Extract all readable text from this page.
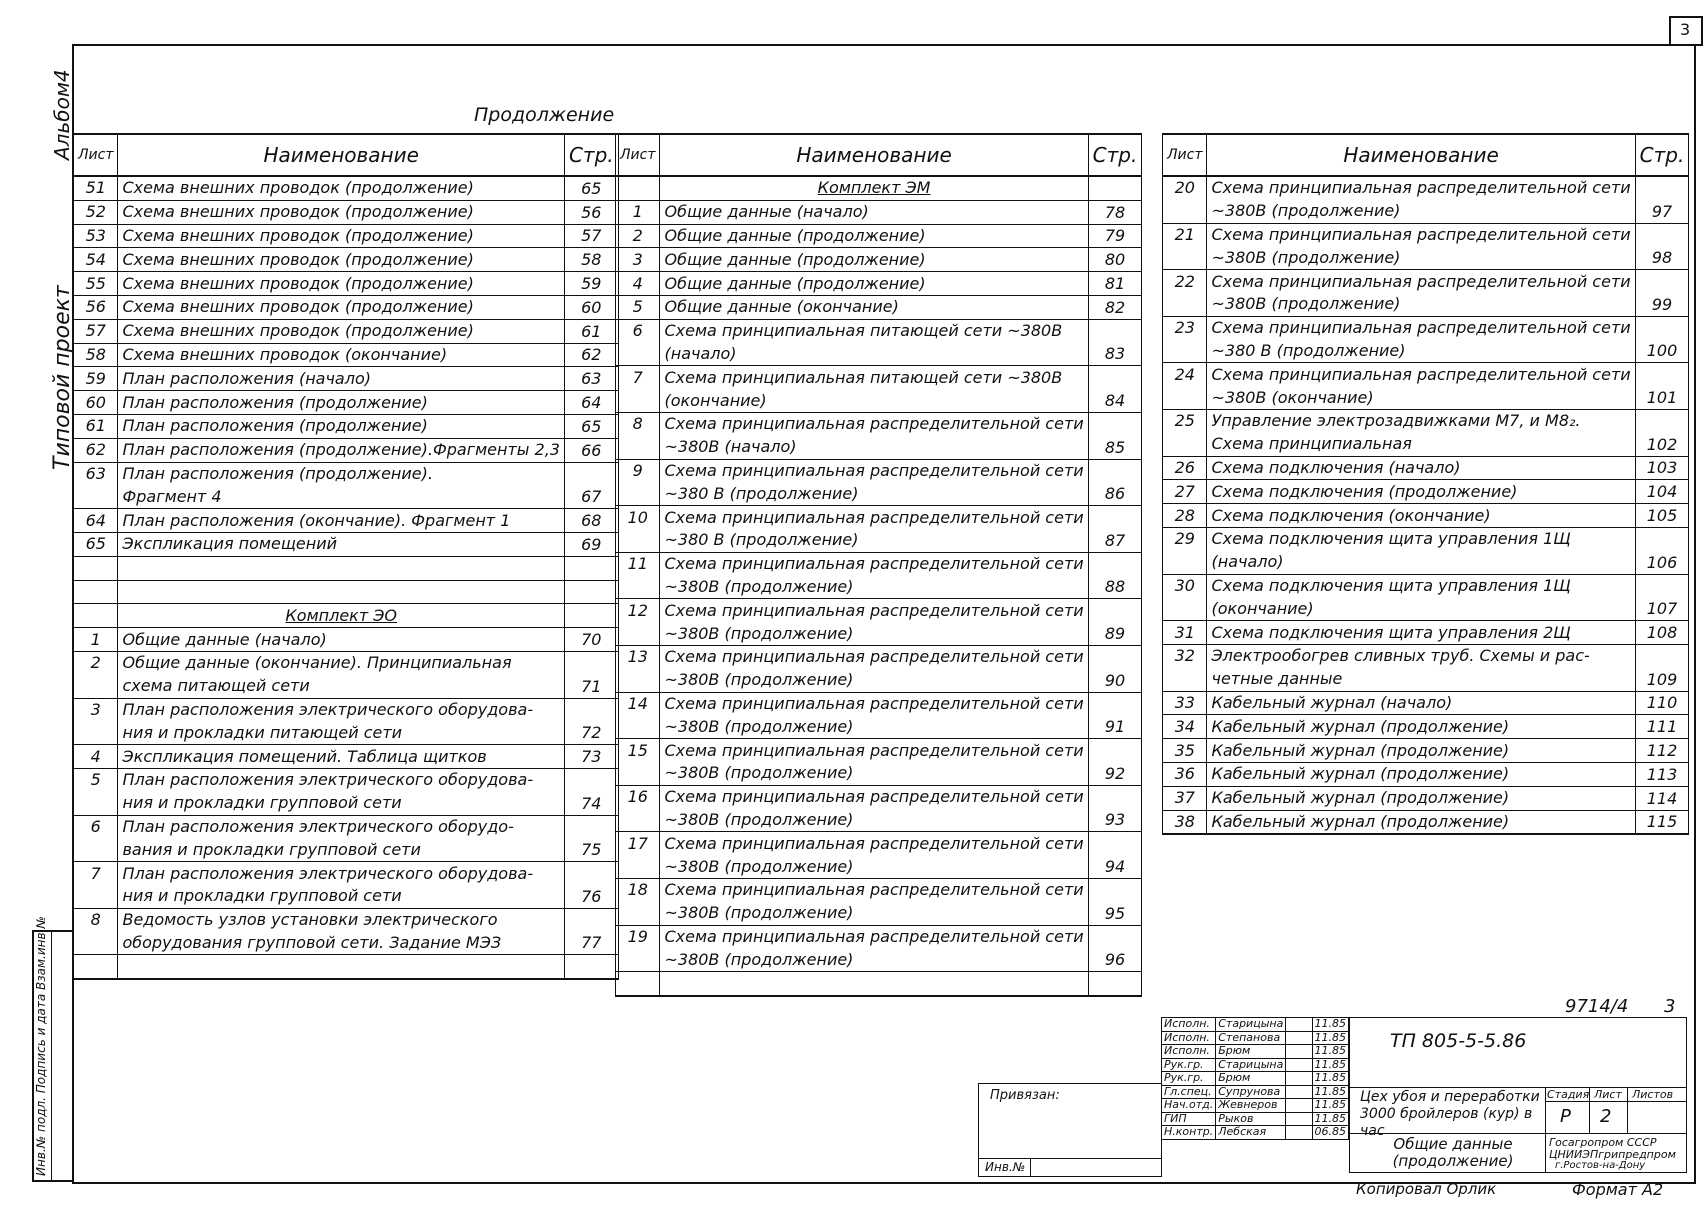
3
Альбом4
Типовой проект
Продолжение
Лист	Наименование	Стр.
51	Схема внешних проводок (продолжение)	65
52	Схема внешних проводок (продолжение)	56
53	Схема внешних проводок (продолжение)	57
54	Схема внешних проводок (продолжение)	58
55	Схема внешних проводок (продолжение)	59
56	Схема внешних проводок (продолжение)	60
57	Схема внешних проводок (продолжение)	61
58	Схема внешних проводок (окончание)	62
59	План расположения (начало)	63
60	План расположения (продолжение)	64
61	План расположения (продолжение)	65
62	План расположения (продолжение).Фрагменты 2,3	66
63	План расположения (продолжение).	
	Фрагмент 4	67
64	План расположения (окончание). Фрагмент 1	68
65	Экспликация помещений	69

	Комплект ЭО	
1	Общие данные (начало)	70
2	Общие данные (окончание). Принципиальная	
	схема питающей сети	71
3	План расположения электрического оборудова-	
	ния и прокладки питающей сети	72
4	Экспликация помещений. Таблица щитков	73
5	План расположения электрического оборудова-	
	ния и прокладки групповой сети	74
6	План расположения электрического оборудо-	
	вания и прокладки групповой сети	75
7	План расположения электрического оборудова-	
	ния и прокладки групповой сети	76
8	Ведомость узлов установки электрического	
	оборудования групповой сети. Задание МЭЗ	77

Лист	Наименование	Стр.
	Комплект ЭМ	
1	Общие данные (начало)	78
2	Общие данные (продолжение)	79
3	Общие данные (продолжение)	80
4	Общие данные (продолжение)	81
5	Общие данные (окончание)	82
6	Схема принципиальная питающей сети ~380В	
	(начало)	83
7	Схема принципиальная питающей сети ~380В	
	(окончание)	84
8	Схема принципиальная распределительной сети	
	~380В (начало)	85
9	Схема принципиальная распределительной сети	
	~380 В (продолжение)	86
10	Схема принципиальная распределительной сети	
	~380 В (продолжение)	87
11	Схема принципиальная распределительной сети	
	~380В (продолжение)	88
12	Схема принципиальная распределительной сети	
	~380В (продолжение)	89
13	Схема принципиальная распределительной сети	
	~380В (продолжение)	90
14	Схема принципиальная распределительной сети	
	~380В (продолжение)	91
15	Схема принципиальная распределительной сети	
	~380В (продолжение)	92
16	Схема принципиальная распределительной сети	
	~380В (продолжение)	93
17	Схема принципиальная распределительной сети	
	~380В (продолжение)	94
18	Схема принципиальная распределительной сети	
	~380В (продолжение)	95
19	Схема принципиальная распределительной сети	
	~380В (продолжение)	96

Лист	Наименование	Стр.
20	Схема принципиальная распределительной сети	
	~380В (продолжение)	97
21	Схема принципиальная распределительной сети	
	~380В (продолжение)	98
22	Схема принципиальная распределительной сети	
	~380В (продолжение)	99
23	Схема принципиальная распределительной сети	
	~380 В (продолжение)	100
24	Схема принципиальная распределительной сети	
	~380В (окончание)	101
25	Управление электрозадвижками М7, и М8₂.	
	Схема принципиальная	102
26	Схема подключения (начало)	103
27	Схема подключения (продолжение)	104
28	Схема подключения (окончание)	105
29	Схема подключения щита управления 1Щ	
	(начало)	106
30	Схема подключения щита управления 1Щ	
	(окончание)	107
31	Схема подключения щита управления 2Щ	108
32	Электрообогрев сливных труб. Схемы и рас-	
	четные данные	109
33	Кабельный журнал (начало)	110
34	Кабельный журнал (продолжение)	111
35	Кабельный журнал (продолжение)	112
36	Кабельный журнал (продолжение)	113
37	Кабельный журнал (продолжение)	114
38	Кабельный журнал (продолжение)	115
Инв.№ подл. Подпись и дата Взам.инв.№	9714/4 3
Привязан:
Инв.№
Исполн.	Старицына		11.85
Исполн.	Степанова		11.85
Исполн.	Брюм		11.85
Рук.гр.	Старицына		11.85
Рук.гр.	Брюм		11.85
Гл.спец.	Супрунова		11.85
Нач.отд.	Жевнеров		11.85
ГИП	Рыков		11.85
Н.контр.	Лебская		06.85
ТП 805-5-5.86
Цех убоя и переработки 3000 бройлеров (кур) в час
Общие данные (продолжение)
Стадия Лист Листов
Р 2
Госагропром СССР
ЦНИИЭПгрипредпром
г.Ростов-на-Дону
Копировал Орлик	Формат А2
